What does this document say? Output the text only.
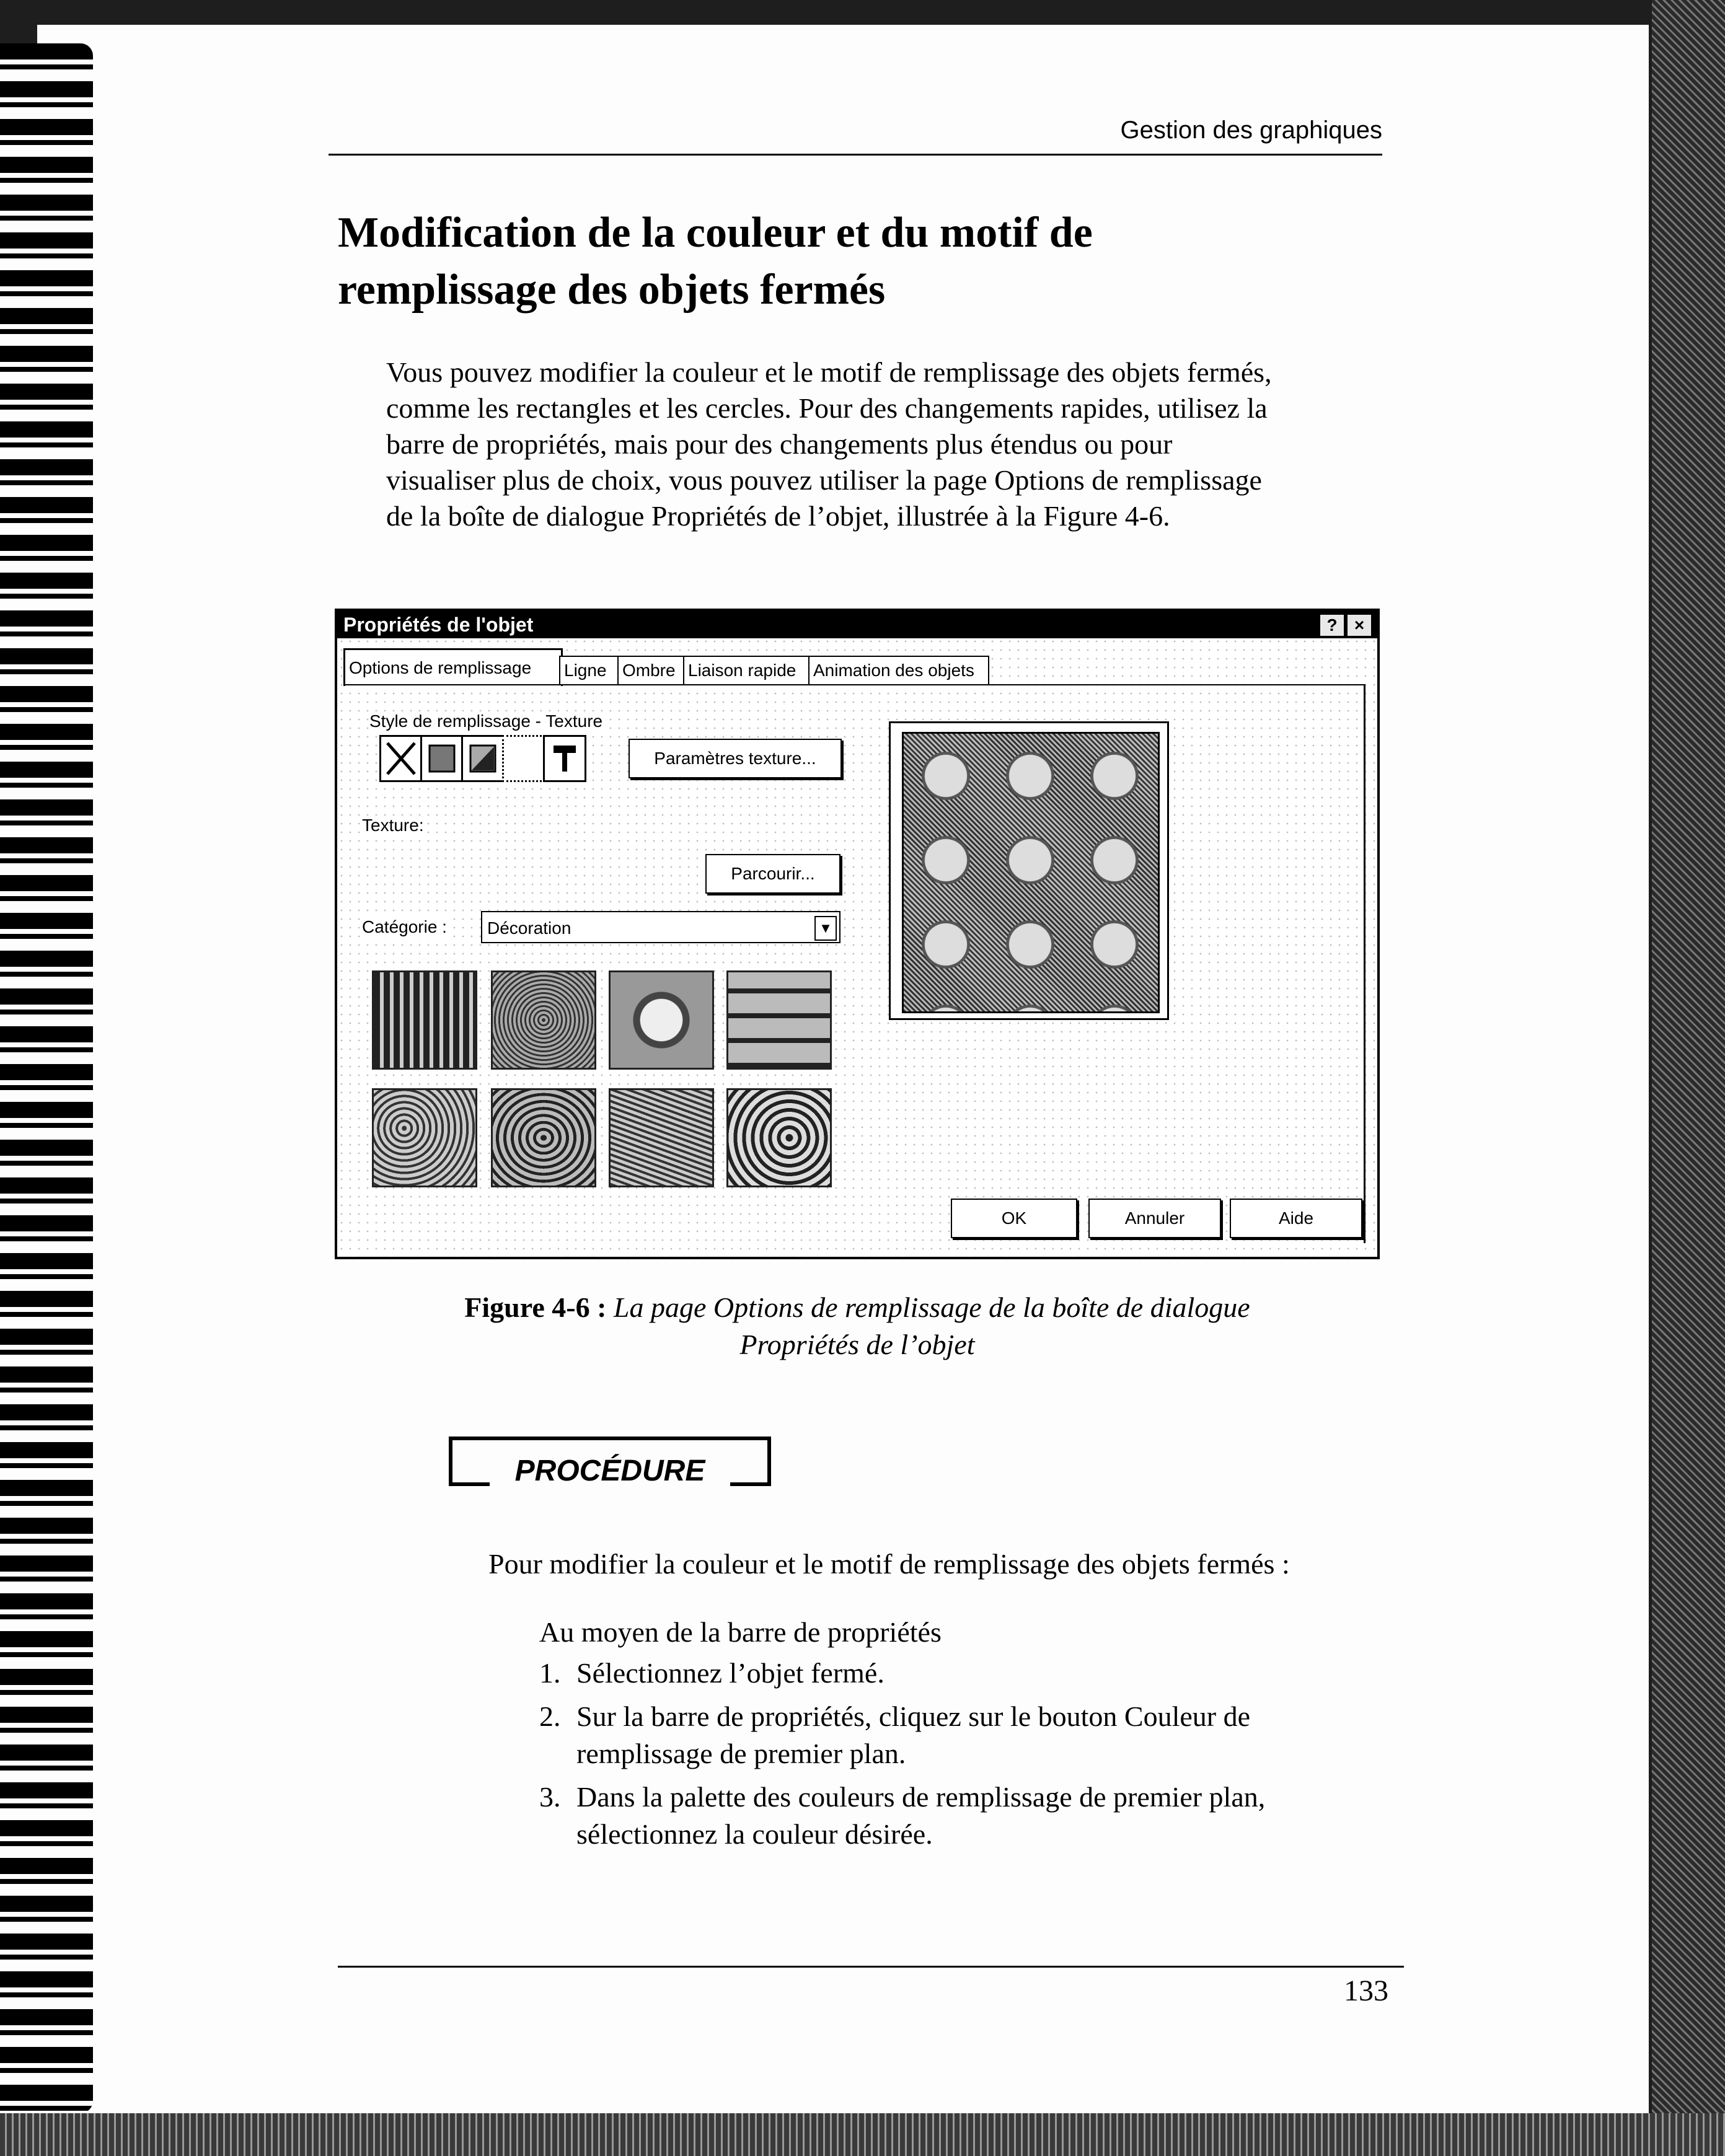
Gestion des graphiques
Modification de la couleur et du motif de
remplissage des objets fermés
Vous pouvez modifier la couleur et le motif de remplissage des objets fermés,
comme les rectangles et les cercles. Pour des changements rapides, utilisez la
barre de propriétés, mais pour des changements plus étendus ou pour
visualiser plus de choix, vous pouvez utiliser la page Options de remplissage
de la boîte de dialogue Propriétés de l’objet, illustrée à la Figure 4-6.
Propriétés de l'objet	? ×
Options de remplissage	Ligne Ombre Liaison rapide Animation des objets
Style de remplissage - Texture
Paramètres texture...
Texture:
Parcourir...
Catégorie :	Décoration	▼
OK	Annuler	Aide
Figure 4-6 : La page Options de remplissage de la boîte de dialogue
Propriétés de l’objet
PROCÉDURE
Pour modifier la couleur et le motif de remplissage des objets fermés :
Au moyen de la barre de propriétés
1. Sélectionnez l’objet fermé.
2. Sur la barre de propriétés, cliquez sur le bouton Couleur de
remplissage de premier plan.
3. Dans la palette des couleurs de remplissage de premier plan,
sélectionnez la couleur désirée.
133
